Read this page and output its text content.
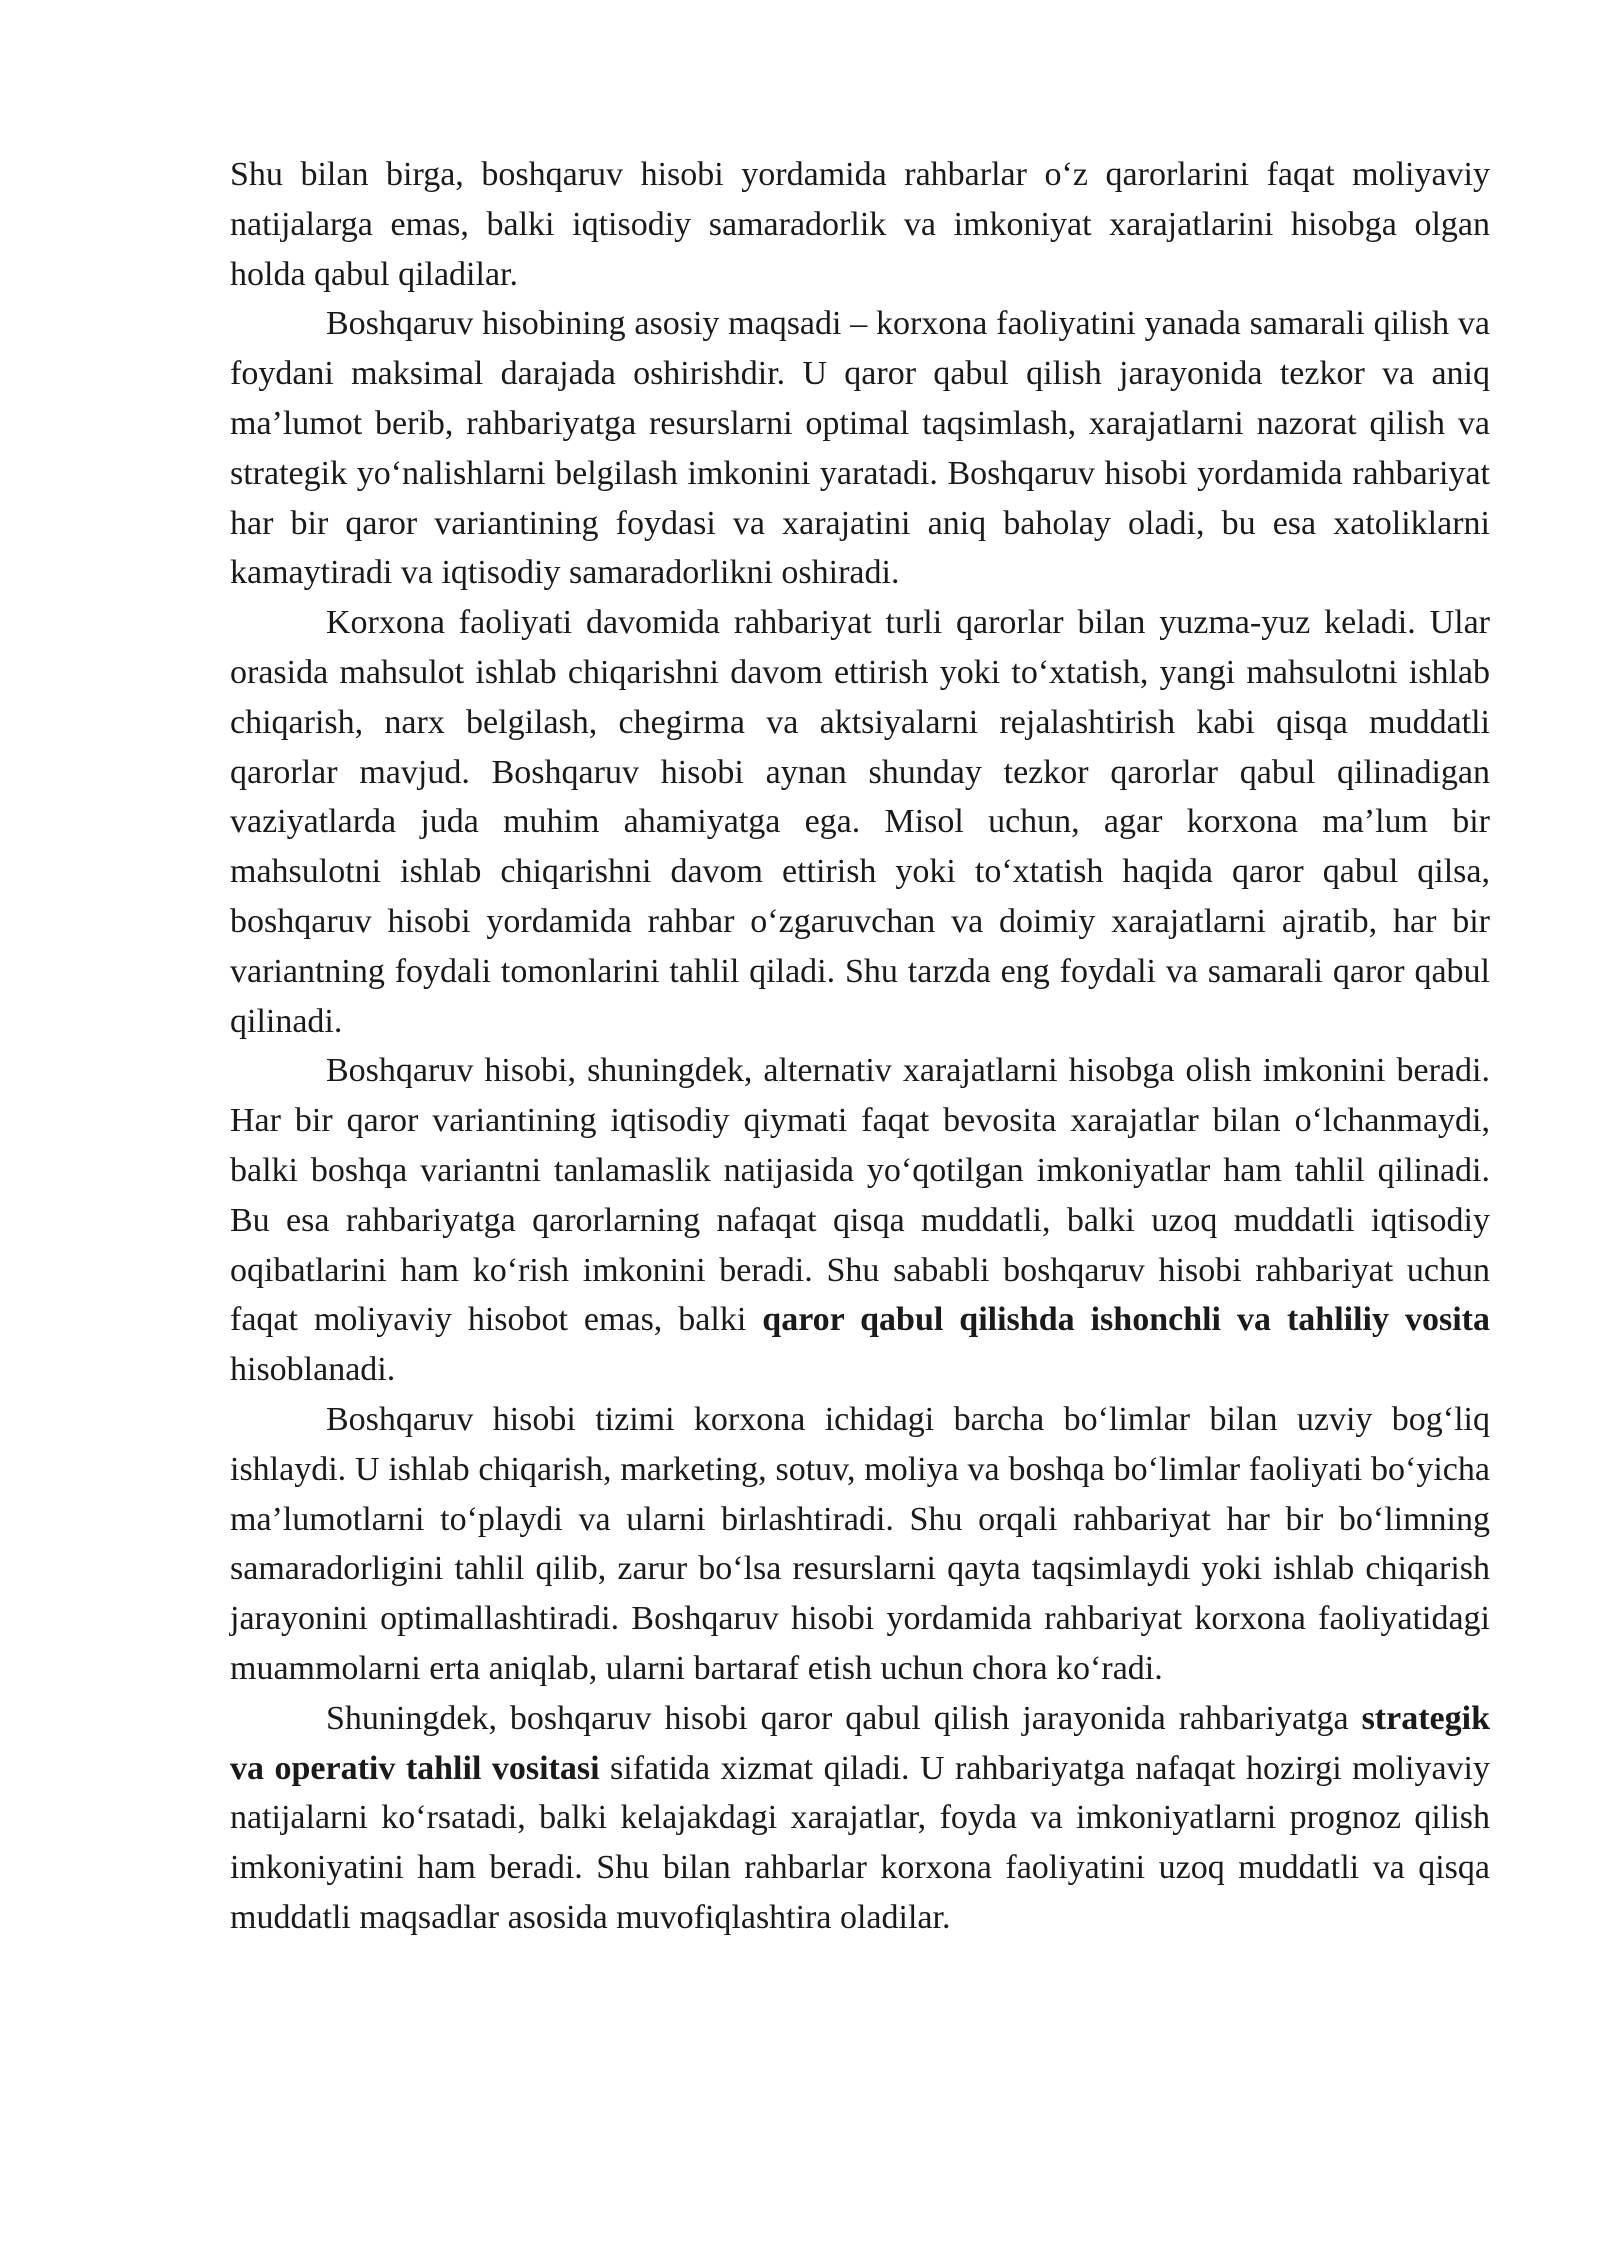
Shu bilan birga, boshqaruv hisobi yordamida rahbarlar o‘z qarorlarini faqat moliyaviy natijalarga emas, balki iqtisodiy samaradorlik va imkoniyat xarajatlarini hisobga olgan holda qabul qiladilar.

Boshqaruv hisobining asosiy maqsadi – korxona faoliyatini yanada samarali qilish va foydani maksimal darajada oshirishdir. U qaror qabul qilish jarayonida tezkor va aniq ma’lumot berib, rahbariyatga resurslarni optimal taqsimlash, xarajatlarni nazorat qilish va strategik yo‘nalishlarni belgilash imkonini yaratadi. Boshqaruv hisobi yordamida rahbariyat har bir qaror variantining foydasi va xarajatini aniq baholay oladi, bu esa xatoliklarni kamaytiradi va iqtisodiy samaradorlikni oshiradi.

Korxona faoliyati davomida rahbariyat turli qarorlar bilan yuzma-yuz keladi. Ular orasida mahsulot ishlab chiqarishni davom ettirish yoki to‘xtatish, yangi mahsulotni ishlab chiqarish, narx belgilash, chegirma va aktsiyalarni rejalashtirish kabi qisqa muddatli qarorlar mavjud. Boshqaruv hisobi aynan shunday tezkor qarorlar qabul qilinadigan vaziyatlarda juda muhim ahamiyatga ega. Misol uchun, agar korxona ma’lum bir mahsulotni ishlab chiqarishni davom ettirish yoki to‘xtatish haqida qaror qabul qilsa, boshqaruv hisobi yordamida rahbar o‘zgaruvchan va doimiy xarajatlarni ajratib, har bir variantning foydali tomonlarini tahlil qiladi. Shu tarzda eng foydali va samarali qaror qabul qilinadi.

Boshqaruv hisobi, shuningdek, alternativ xarajatlarni hisobga olish imkonini beradi. Har bir qaror variantining iqtisodiy qiymati faqat bevosita xarajatlar bilan o‘lchanmaydi, balki boshqa variantni tanlamaslik natijasida yo‘qotilgan imkoniyatlar ham tahlil qilinadi. Bu esa rahbariyatga qarorlarning nafaqat qisqa muddatli, balki uzoq muddatli iqtisodiy oqibatlarini ham ko‘rish imkonini beradi. Shu sababli boshqaruv hisobi rahbariyat uchun faqat moliyaviy hisobot emas, balki qaror qabul qilishda ishonchli va tahliliy vosita hisoblanadi.

Boshqaruv hisobi tizimi korxona ichidagi barcha bo‘limlar bilan uzviy bog‘liq ishlaydi. U ishlab chiqarish, marketing, sotuv, moliya va boshqa bo‘limlar faoliyati bo‘yicha ma’lumotlarni to‘playdi va ularni birlashtiradi. Shu orqali rahbariyat har bir bo‘limning samaradorligini tahlil qilib, zarur bo‘lsa resurslarni qayta taqsimlaydi yoki ishlab chiqarish jarayonini optimallashtiradi. Boshqaruv hisobi yordamida rahbariyat korxona faoliyatidagi muammolarni erta aniqlab, ularni bartaraf etish uchun chora ko‘radi.

Shuningdek, boshqaruv hisobi qaror qabul qilish jarayonida rahbariyatga strategik va operativ tahlil vositasi sifatida xizmat qiladi. U rahbariyatga nafaqat hozirgi moliyaviy natijalarni ko‘rsatadi, balki kelajakdagi xarajatlar, foyda va imkoniyatlarni prognoz qilish imkoniyatini ham beradi. Shu bilan rahbarlar korxona faoliyatini uzoq muddatli va qisqa muddatli maqsadlar asosida muvofiqlashtira oladilar.
